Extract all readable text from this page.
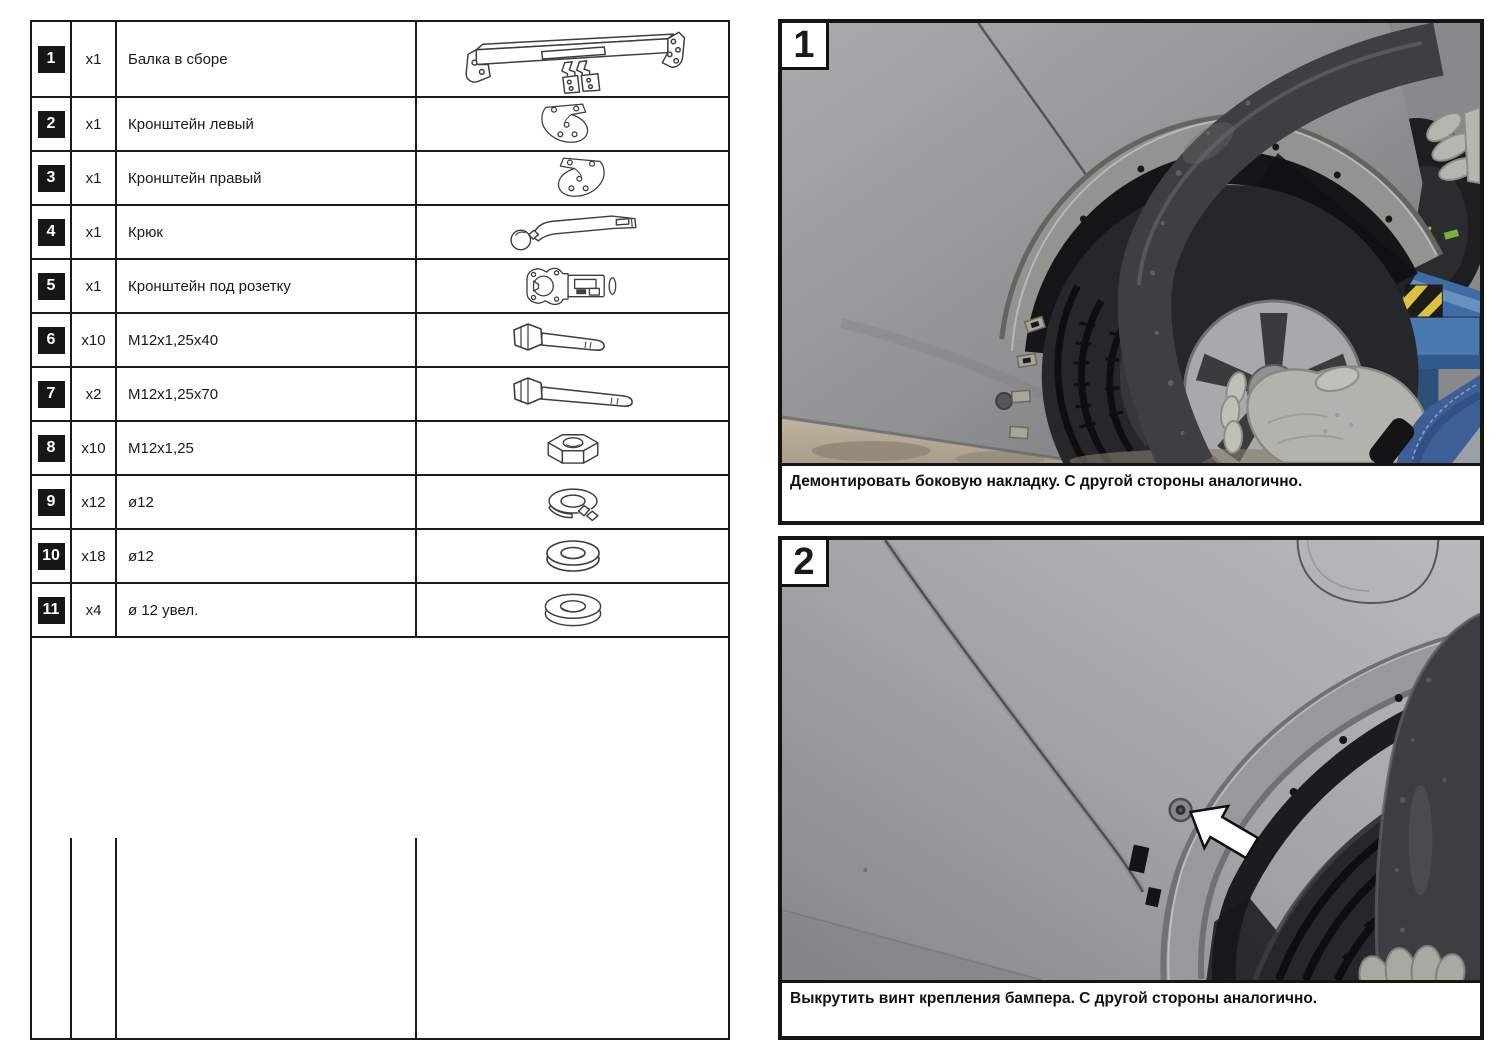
1	x1	Балка в сборе
2	x1	Кронштейн левый
3	x1	Кронштейн правый
4	x1	Крюк
5	x1	Кронштейн под розетку
6	x10	М12х1,25х40
7	x2	М12х1,25х70
8	x10	М12х1,25
9	x12	ø12
10	x18	ø12
11	x4	ø 12 увел.
1
Демонтировать боковую накладку. С другой стороны аналогично.
2
Выкрутить винт крепления бампера. С другой стороны аналогично.
